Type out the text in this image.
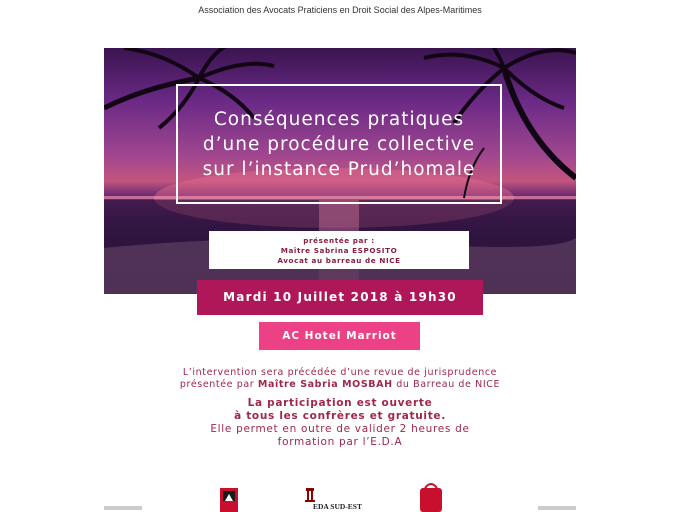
Association des Avocats Praticiens en Droit Social des Alpes-Maritimes
Conséquences pratiques
d’une procédure collective
sur l’instance Prud’homale
présentée par :
Maître Sabrina ESPOSITO
Avocat au barreau de NICE
Mardi 10 Juillet 2018 à 19h30
AC Hotel Marriot
L’intervention sera précédée d’une revue de jurisprudence
présentée par Maître Sabria MOSBAH du Barreau de NICE
La participation est ouverte
à tous les confrères et gratuite.
Elle permet en outre de valider 2 heures de
formation par l’E.D.A
EDA SUD-EST
